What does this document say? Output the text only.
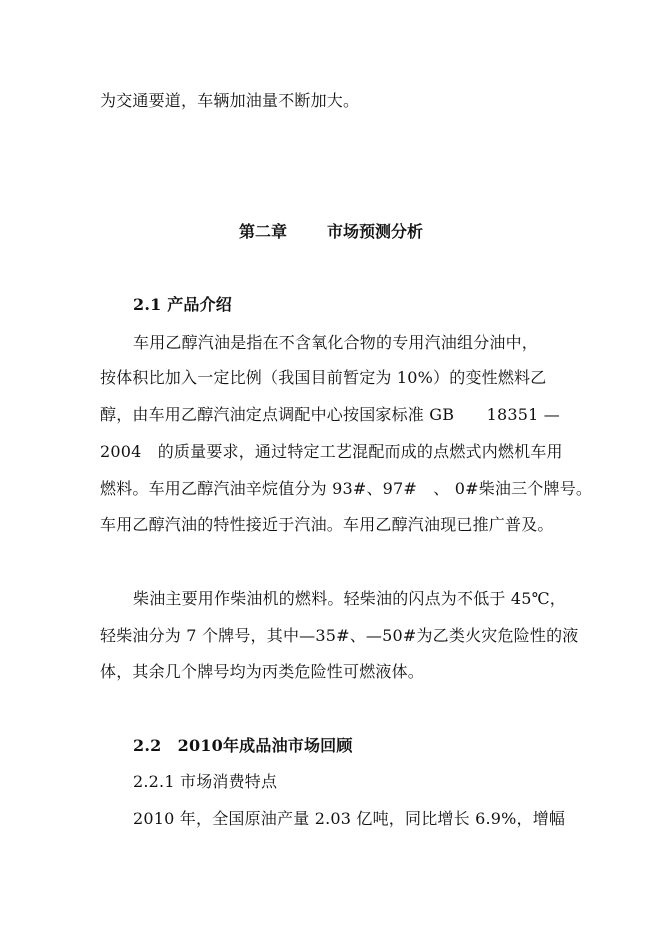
为交通要道，车辆加油量不断加大。
第二章	市场预测分析
2.1 产品介绍
车用乙醇汽油是指在不含氧化合物的专用汽油组分油中，
按体积比加入一定比例（我国目前暂定为 10%）的变性燃料乙
醇，由车用乙醇汽油定点调配中心按国家标准 GB　　18351 —
2004　的质量要求，通过特定工艺混配而成的点燃式内燃机车用
燃料。车用乙醇汽油辛烷值分为 93#、97#　、 0#柴油三个牌号。
车用乙醇汽油的特性接近于汽油。车用乙醇汽油现已推广普及。
柴油主要用作柴油机的燃料。轻柴油的闪点为不低于 45℃，
轻柴油分为 7 个牌号，其中—35#、—50#为乙类火灾危险性的液
体，其余几个牌号均为丙类危险性可燃液体。
2.2　2010年成品油市场回顾
2.2.1 市场消费特点
2010 年，全国原油产量 2.03 亿吨，同比增长 6.9%，增幅
